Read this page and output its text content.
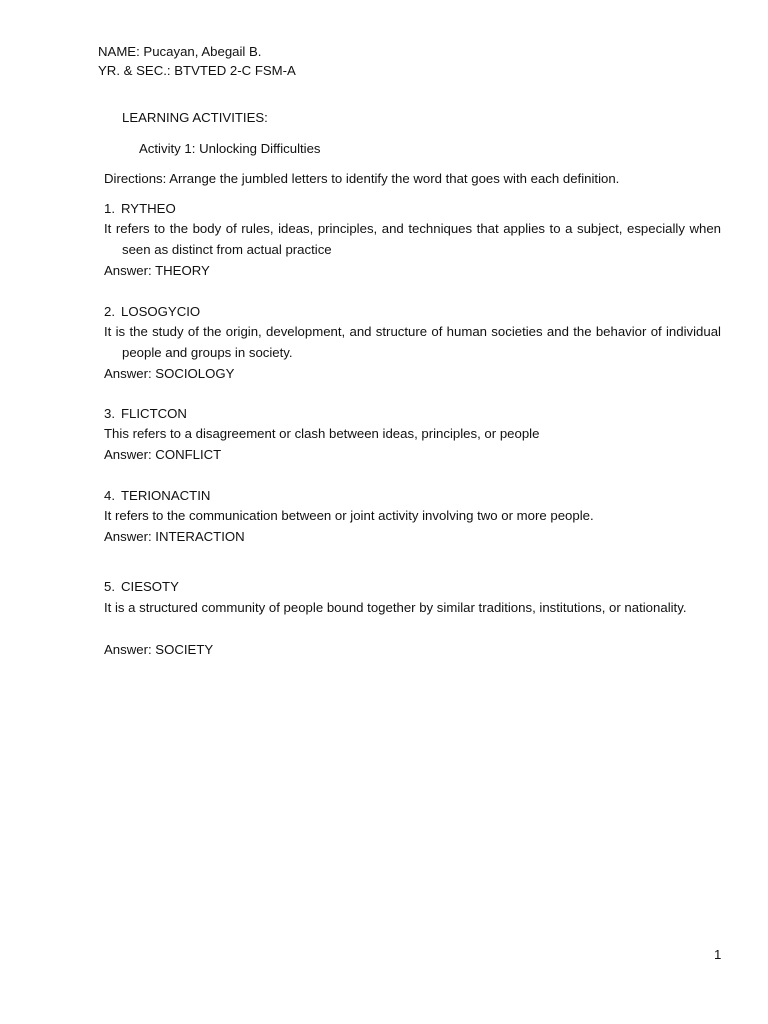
NAME: Pucayan, Abegail B.
YR. & SEC.: BTVTED 2-C FSM-A
LEARNING ACTIVITIES:
Activity 1: Unlocking Difficulties
Directions: Arrange the jumbled letters to identify the word that goes with each definition.
1. RYTHEO
It refers to the body of rules, ideas, principles, and techniques that applies to a subject, especially when seen as distinct from actual practice
Answer: THEORY
2. LOSOGYCIO
It is the study of the origin, development, and structure of human societies and the behavior of individual people and groups in society.
Answer: SOCIOLOGY
3. FLICTCON
This refers to a disagreement or clash between ideas, principles, or people
Answer: CONFLICT
4. TERIONACTIN
It refers to the communication between or joint activity involving two or more people.
Answer: INTERACTION
5. CIESOTY
It is a structured community of people bound together by similar traditions, institutions, or nationality.
Answer: SOCIETY
1
